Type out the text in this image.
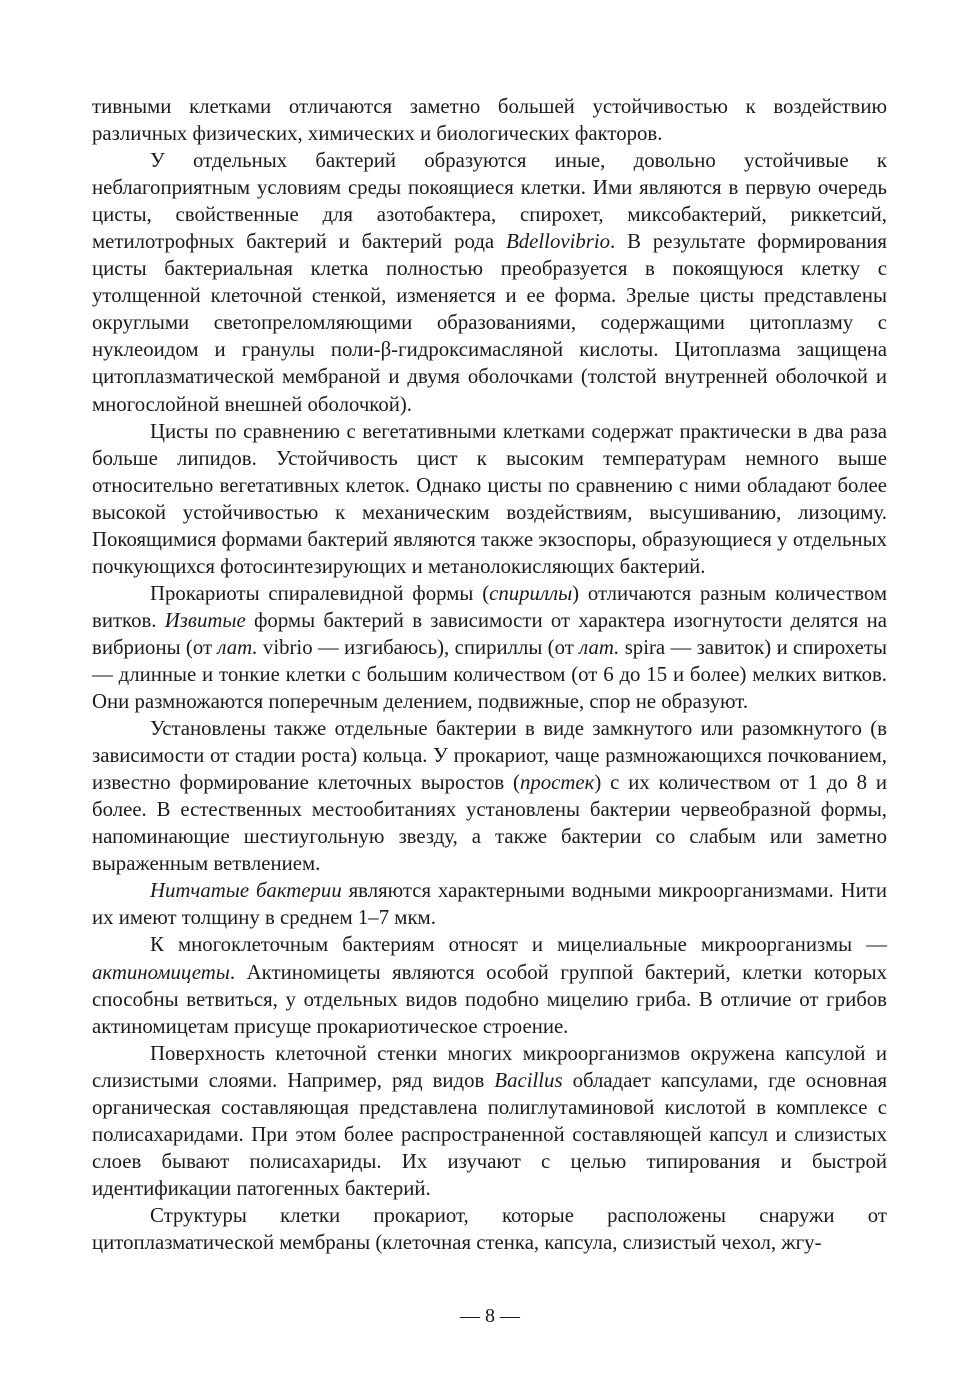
тивными клетками отличаются заметно большей устойчивостью к воздействию различных физических, химических и биологических факторов.

У отдельных бактерий образуются иные, довольно устойчивые к неблагоприятным условиям среды покоящиеся клетки. Ими являются в первую очередь цисты, свойственные для азотобактера, спирохет, миксобактерий, риккетсий, метилотрофных бактерий и бактерий рода Bdellovibrio. В результате формирования цисты бактериальная клетка полностью преобразуется в покоящуюся клетку с утолщенной клеточной стенкой, изменяется и ее форма. Зрелые цисты представлены округлыми светопреломляющими образованиями, содержащими цитоплазму с нуклеоидом и гранулы поли-β-гидроксимасляной кислоты. Цитоплазма защищена цитоплазматической мембраной и двумя оболочками (толстой внутренней оболочкой и многослойной внешней оболочкой).

Цисты по сравнению с вегетативными клетками содержат практически в два раза больше липидов. Устойчивость цист к высоким температурам немного выше относительно вегетативных клеток. Однако цисты по сравнению с ними обладают более высокой устойчивостью к механическим воздействиям, высушиванию, лизоциму. Покоящимися формами бактерий являются также экзоспоры, образующиеся у отдельных почкующихся фотосинтезирующих и метанолокисляющих бактерий.

Прокариоты спиралевидной формы (спириллы) отличаются разным количеством витков. Извитые формы бактерий в зависимости от характера изогнутости делятся на вибрионы (от лат. vibrio — изгибаюсь), спириллы (от лат. spira — завиток) и спирохеты — длинные и тонкие клетки с большим количеством (от 6 до 15 и более) мелких витков. Они размножаются поперечным делением, подвижные, спор не образуют.

Установлены также отдельные бактерии в виде замкнутого или разомкнутого (в зависимости от стадии роста) кольца. У прокариот, чаще размножающихся почкованием, известно формирование клеточных выростов (простек) с их количеством от 1 до 8 и более. В естественных местообитаниях установлены бактерии червеобразной формы, напоминающие шестиугольную звезду, а также бактерии со слабым или заметно выраженным ветвлением.

Нитчатые бактерии являются характерными водными микроорганизмами. Нити их имеют толщину в среднем 1–7 мкм.

К многоклеточным бактериям относят и мицелиальные микроорганизмы — актиномицеты. Актиномицеты являются особой группой бактерий, клетки которых способны ветвиться, у отдельных видов подобно мицелию гриба. В отличие от грибов актиномицетам присуще прокариотическое строение.

Поверхность клеточной стенки многих микроорганизмов окружена капсулой и слизистыми слоями. Например, ряд видов Bacillus обладает капсулами, где основная органическая составляющая представлена полиглутаминовой кислотой в комплексе с полисахаридами. При этом более распространенной составляющей капсул и слизистых слоев бывают полисахариды. Их изучают с целью типирования и быстрой идентификации патогенных бактерий.

Структуры клетки прокариот, которые расположены снаружи от цитоплазматической мембраны (клеточная стенка, капсула, слизистый чехол, жгу-

— 8 —
